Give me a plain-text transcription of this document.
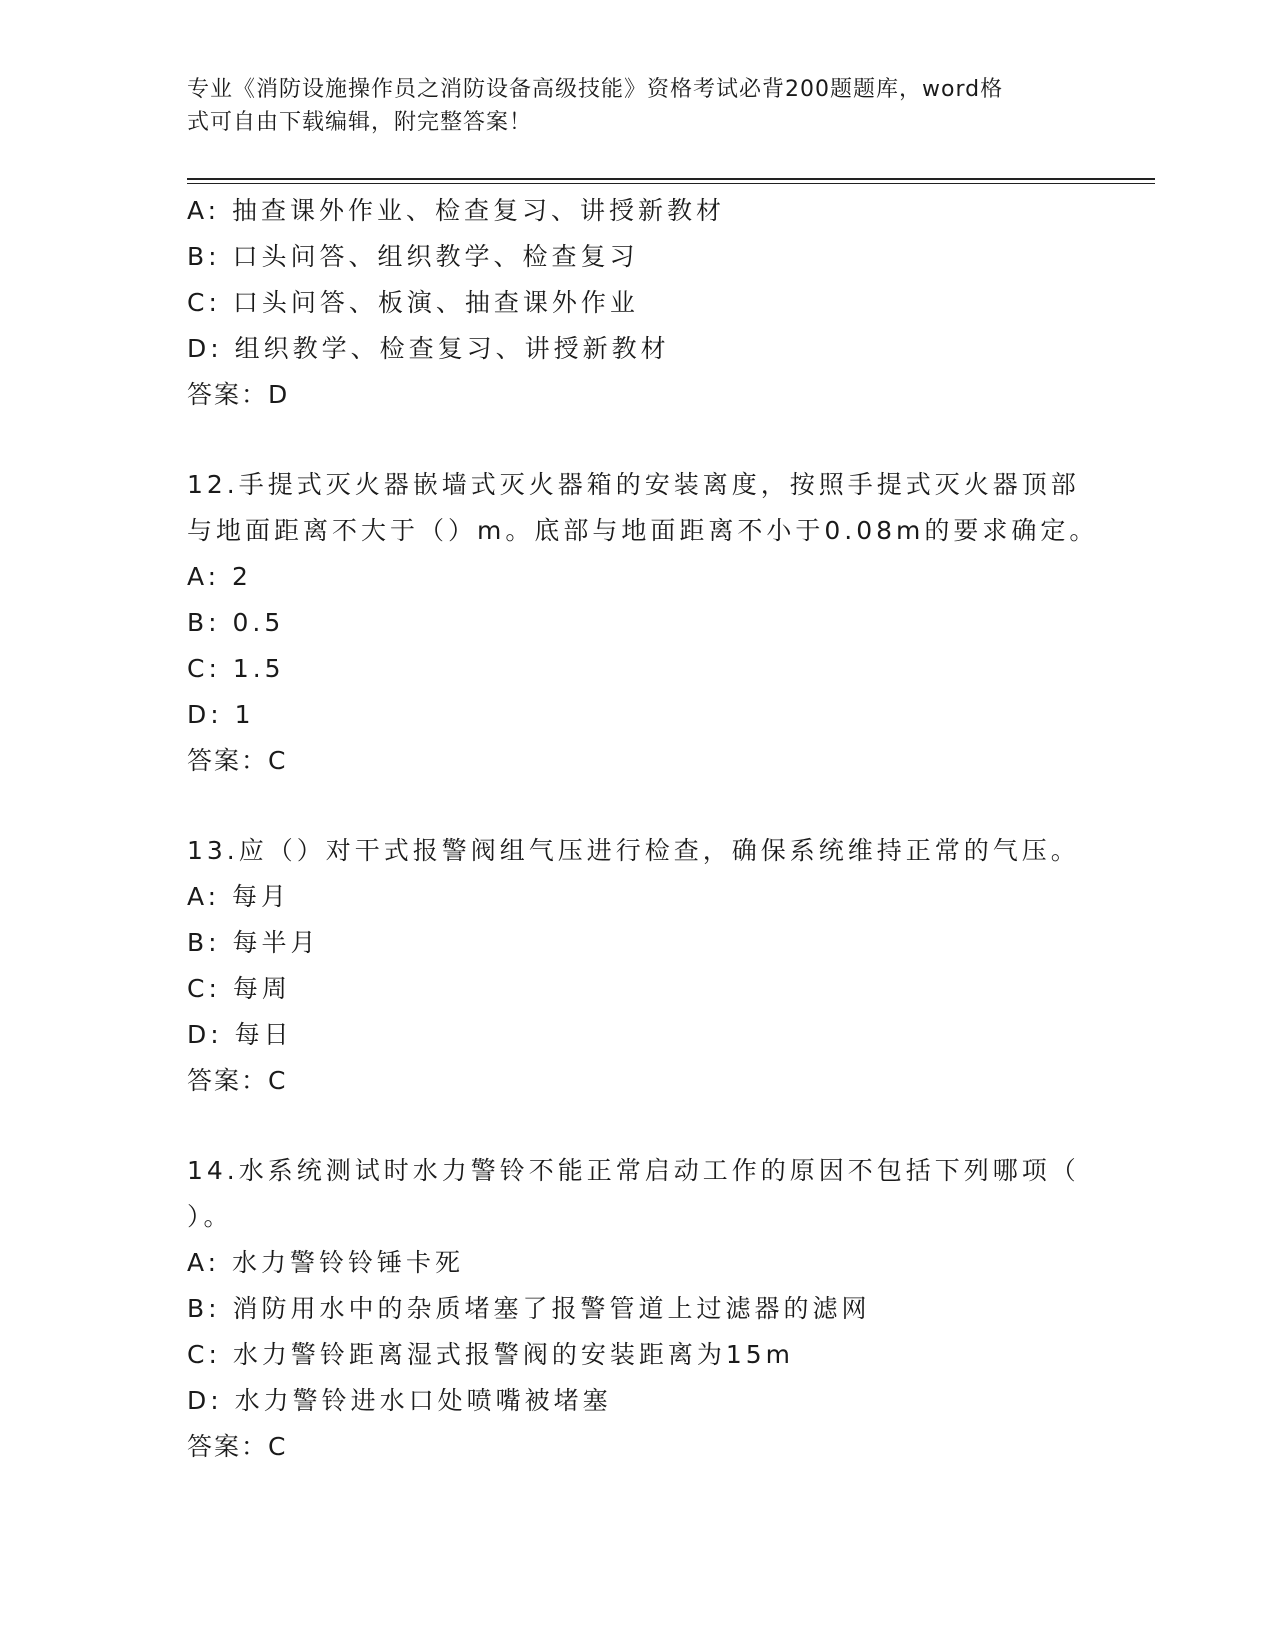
专业《消防设施操作员之消防设备高级技能》资格考试必背200题题库，word格
式可自由下载编辑，附完整答案！
A: 抽查课外作业、检查复习、讲授新教材
B: 口头问答、组织教学、检查复习
C: 口头问答、板演、抽查课外作业
D: 组织教学、检查复习、讲授新教材
答案：D
12.手提式灭火器嵌墙式灭火器箱的安装离度，按照手提式灭火器顶部
与地面距离不大于（）m。底部与地面距离不小于0.08m的要求确定。
A: 2
B: 0.5
C: 1.5
D: 1
答案：C
13.应（）对干式报警阀组气压进行检查，确保系统维持正常的气压。
A: 每月
B: 每半月
C: 每周
D: 每日
答案：C
14.水系统测试时水力警铃不能正常启动工作的原因不包括下列哪项（
）。
A: 水力警铃铃锤卡死
B: 消防用水中的杂质堵塞了报警管道上过滤器的滤网
C: 水力警铃距离湿式报警阀的安装距离为15m
D: 水力警铃进水口处喷嘴被堵塞
答案：C
